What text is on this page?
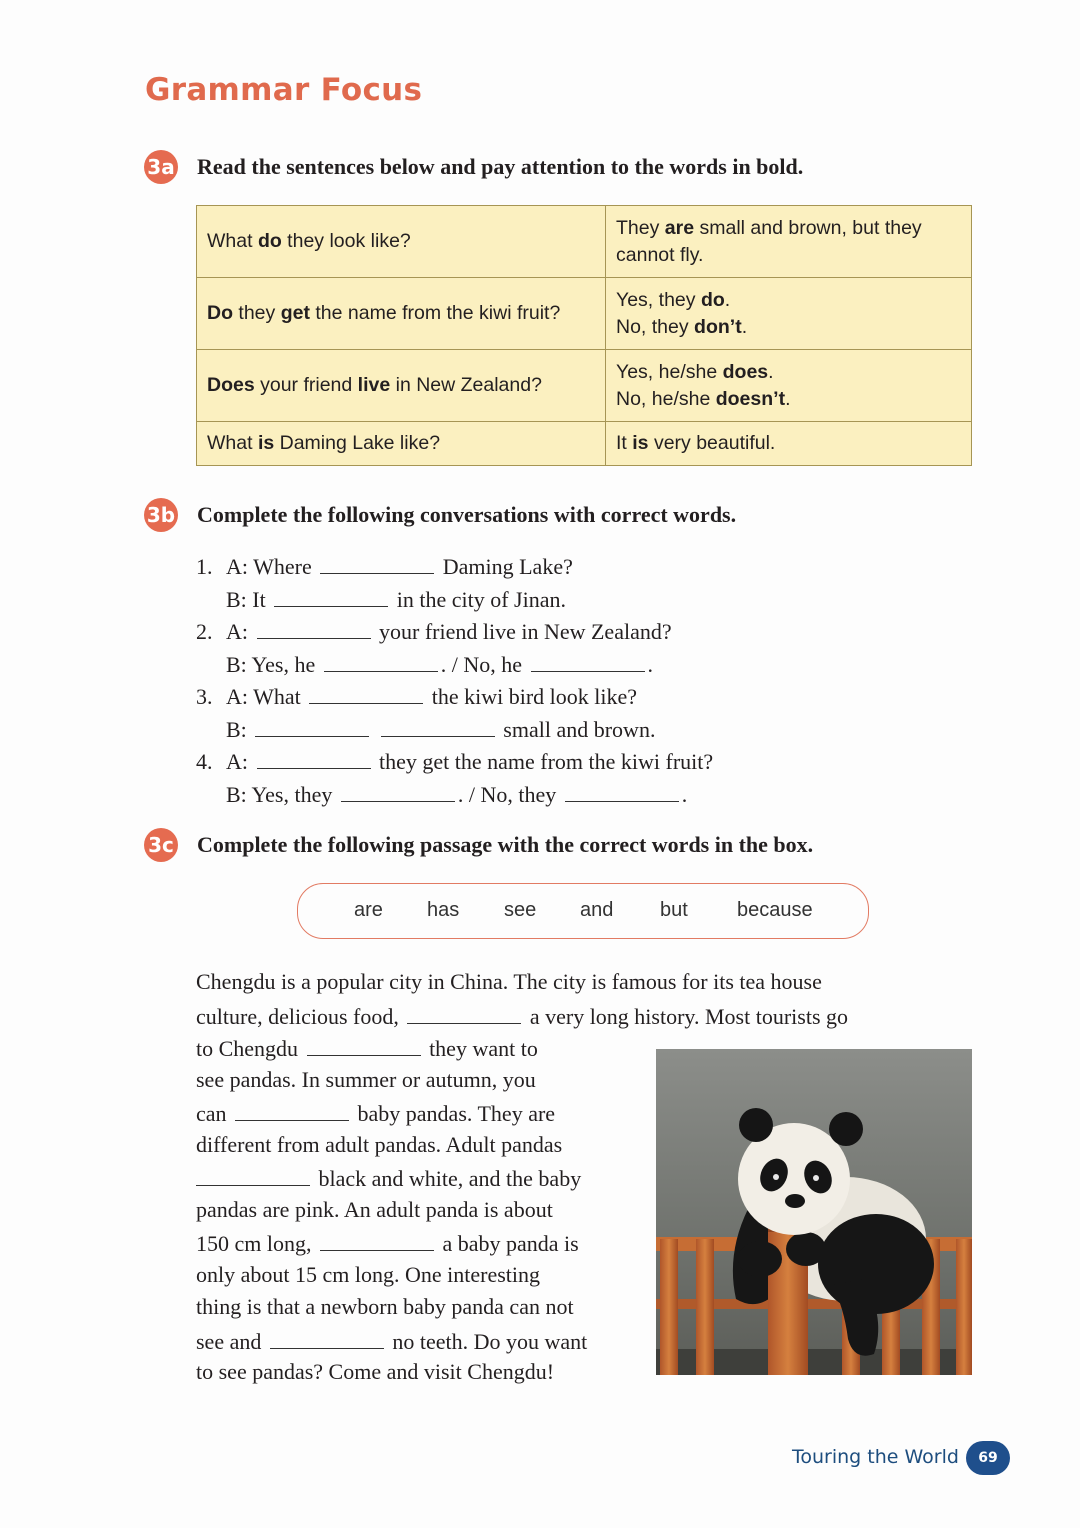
Grammar Focus
3a Read the sentences below and pay attention to the words in bold.
What do they look like?	They are small and brown, but they
cannot fly.

Do they get the name from the kiwi fruit?	Yes, they do.
No, they don’t.

Does your friend live in New Zealand?	Yes, he/she does.
No, he/she doesn’t.

What is Daming Lake like?	It is very beautiful.
3b Complete the following conversations with correct words.
1. A: Where	Daming Lake?
B: It	in the city of Jinan.
2. A:	your friend live in New Zealand?
B: Yes, he	. / No, he	.
3. A: What	the kiwi bird look like?
B:	small and brown.
4. A:	they get the name from the kiwi fruit?
B: Yes, they	. / No, they	.
3c Complete the following passage with the correct words in the box.
are has see and but because
Chengdu is a popular city in China. The city is famous for its tea house
culture, delicious food,	a very long history. Most tourists go
to Chengdu	they want to
see pandas. In summer or autumn, you
can	baby pandas. They are
different from adult pandas. Adult pandas
black and white, and the baby
pandas are pink. An adult panda is about
150 cm long,	a baby panda is
only about 15 cm long. One interesting
thing is that a newborn baby panda can not
see and	no teeth. Do you want
to see pandas? Come and visit Chengdu!
Touring the World	69
